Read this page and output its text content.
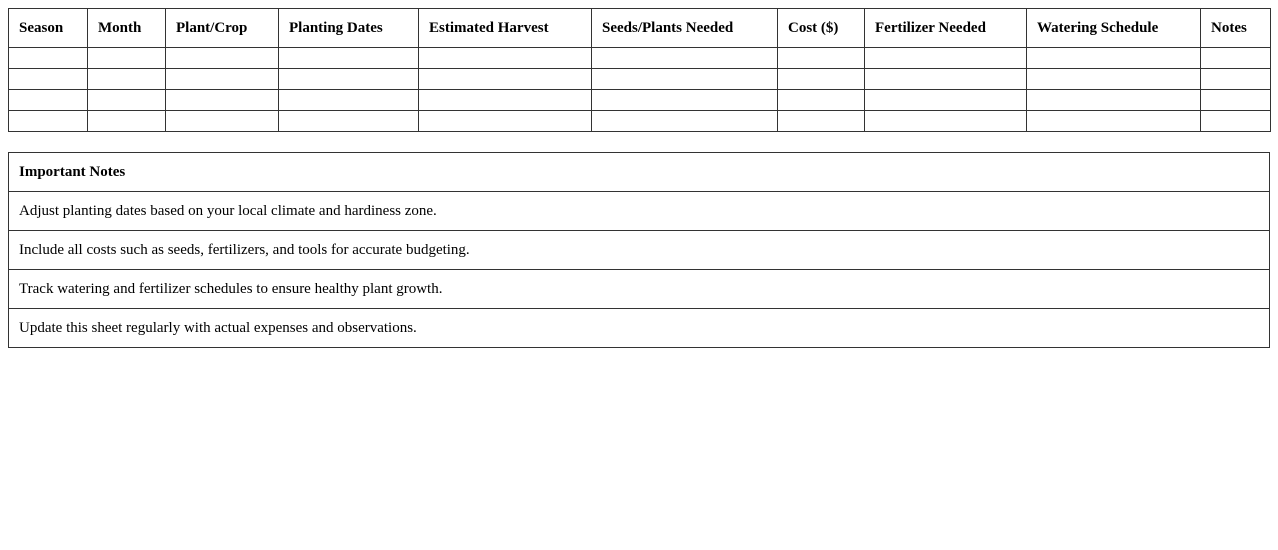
Season	Month	Plant/Crop	Planting Dates	Estimated Harvest	Seeds/Plants Needed	Cost ($)	Fertilizer Needed	Watering Schedule	Notes

Important Notes
Adjust planting dates based on your local climate and hardiness zone.
Include all costs such as seeds, fertilizers, and tools for accurate budgeting.
Track watering and fertilizer schedules to ensure healthy plant growth.
Update this sheet regularly with actual expenses and observations.
